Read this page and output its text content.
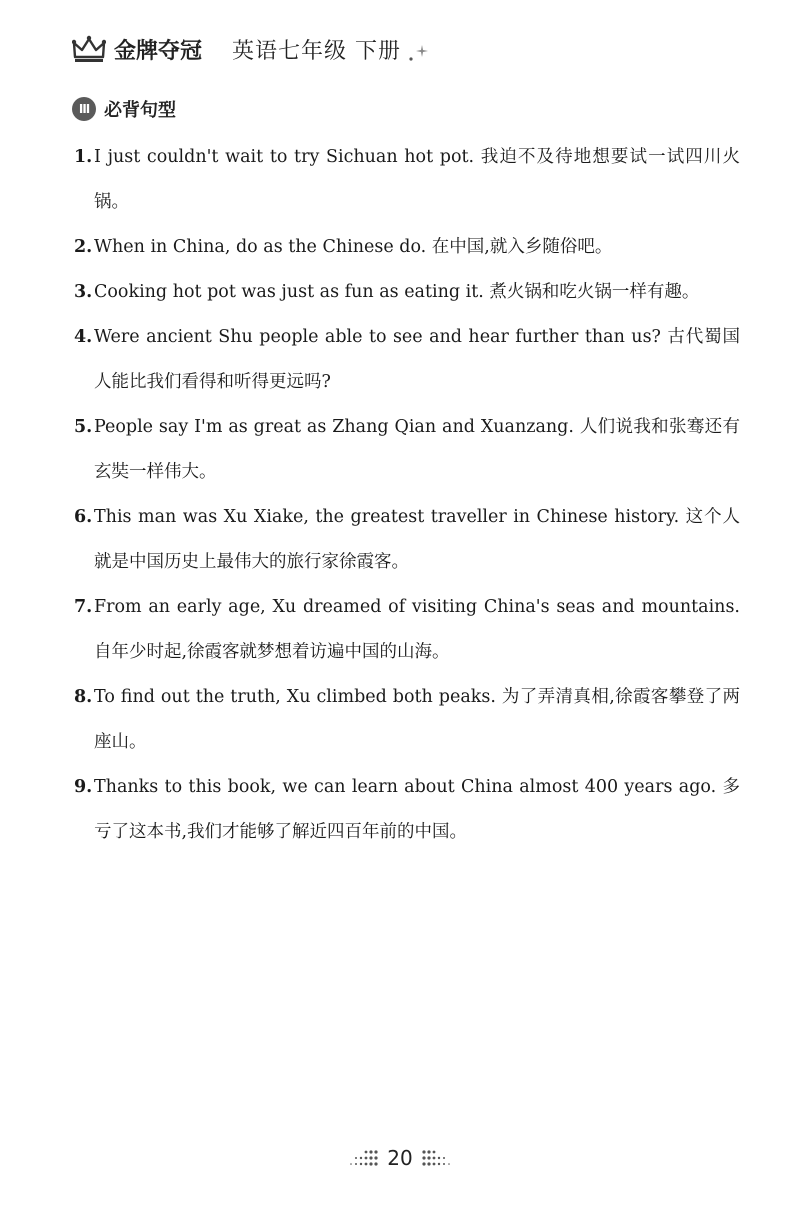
金牌夺冠 英语七年级 下册
Ⅲ 必背句型
1. I just couldn't wait to try Sichuan hot pot. 我迫不及待地想要试一试四川火锅。
2. When in China, do as the Chinese do. 在中国,就入乡随俗吧。
3. Cooking hot pot was just as fun as eating it. 煮火锅和吃火锅一样有趣。
4. Were ancient Shu people able to see and hear further than us? 古代蜀国人能比我们看得和听得更远吗?
5. People say I'm as great as Zhang Qian and Xuanzang. 人们说我和张骞还有玄奘一样伟大。
6. This man was Xu Xiake, the greatest traveller in Chinese history. 这个人就是中国历史上最伟大的旅行家徐霞客。
7. From an early age, Xu dreamed of visiting China's seas and mountains. 自年少时起,徐霞客就梦想着访遍中国的山海。
8. To find out the truth, Xu climbed both peaks. 为了弄清真相,徐霞客攀登了两座山。
9. Thanks to this book, we can learn about China almost 400 years ago. 多亏了这本书,我们才能够了解近四百年前的中国。
20
